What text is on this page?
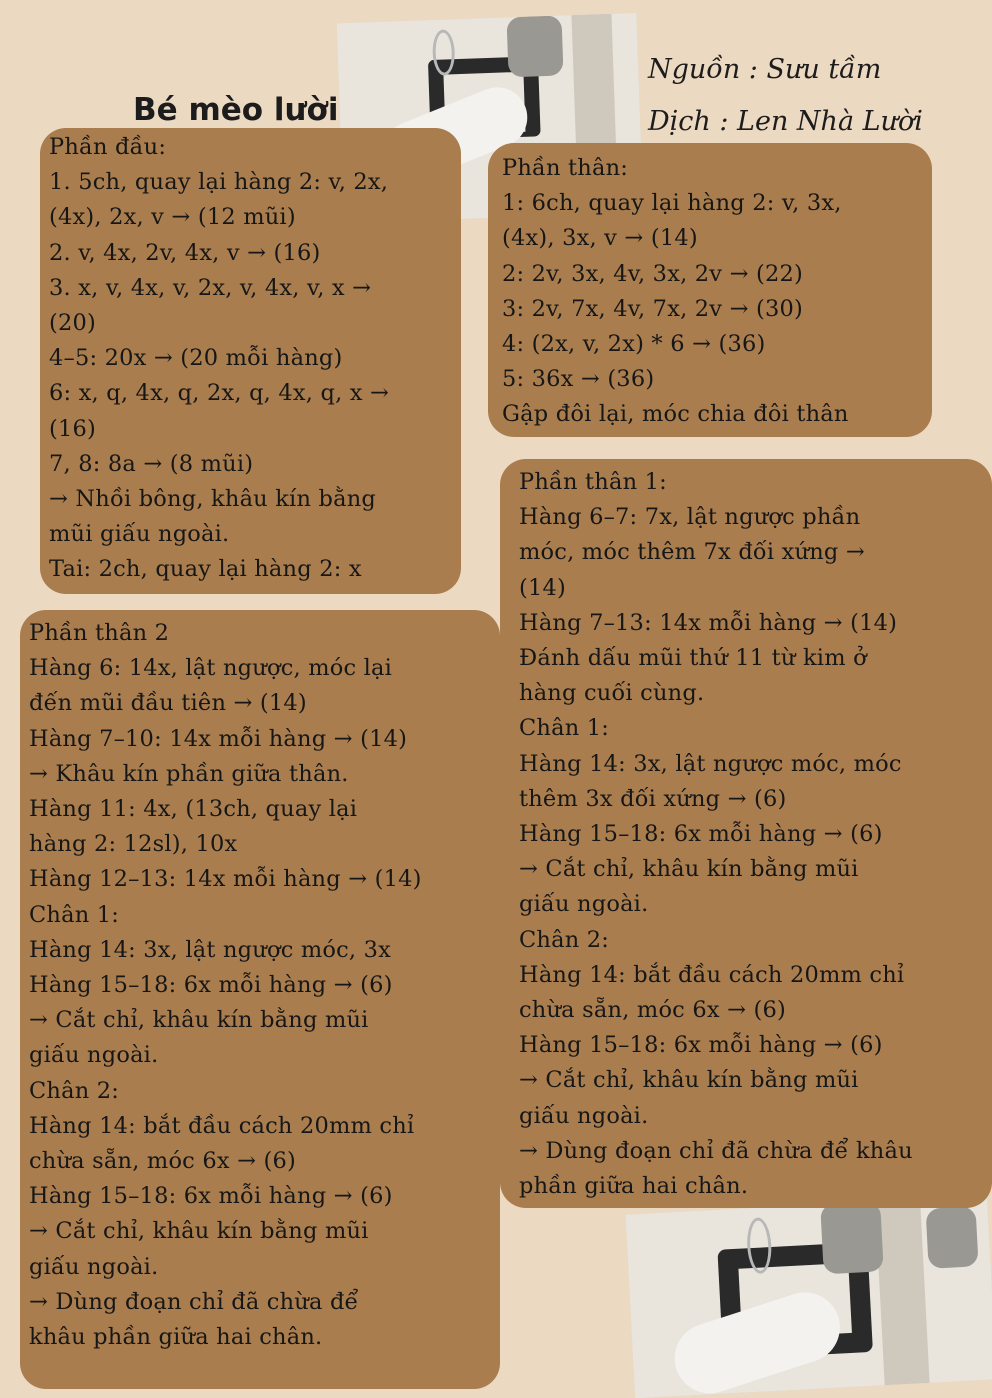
Bé mèo lười
Nguồn : Sưu tầm
Dịch : Len Nhà Lười
Phần đầu:
1. 5ch, quay lại hàng 2: v, 2x,
(4x), 2x, v → (12 mũi)
2. v, 4x, 2v, 4x, v → (16)
3. x, v, 4x, v, 2x, v, 4x, v, x →
(20)
4–5: 20x → (20 mỗi hàng)
6: x, q, 4x, q, 2x, q, 4x, q, x →
(16)
7, 8: 8a → (8 mũi)
→ Nhồi bông, khâu kín bằng
mũi giấu ngoài.
Tai: 2ch, quay lại hàng 2: x
Phần thân:
1: 6ch, quay lại hàng 2: v, 3x,
(4x), 3x, v → (14)
2: 2v, 3x, 4v, 3x, 2v → (22)
3: 2v, 7x, 4v, 7x, 2v → (30)
4: (2x, v, 2x) * 6 → (36)
5: 36x → (36)
Gập đôi lại, móc chia đôi thân
Phần thân 1:
Hàng 6–7: 7x, lật ngược phần
móc, móc thêm 7x đối xứng →
(14)
Hàng 7–13: 14x mỗi hàng → (14)
Đánh dấu mũi thứ 11 từ kim ở
hàng cuối cùng.
Chân 1:
Hàng 14: 3x, lật ngược móc, móc
thêm 3x đối xứng → (6)
Hàng 15–18: 6x mỗi hàng → (6)
→ Cắt chỉ, khâu kín bằng mũi
giấu ngoài.
Chân 2:
Hàng 14: bắt đầu cách 20mm chỉ
chừa sẵn, móc 6x → (6)
Hàng 15–18: 6x mỗi hàng → (6)
→ Cắt chỉ, khâu kín bằng mũi
giấu ngoài.
→ Dùng đoạn chỉ đã chừa để khâu
phần giữa hai chân.
Phần thân 2
Hàng 6: 14x, lật ngược, móc lại
đến mũi đầu tiên → (14)
Hàng 7–10: 14x mỗi hàng → (14)
→ Khâu kín phần giữa thân.
Hàng 11: 4x, (13ch, quay lại
hàng 2: 12sl), 10x
Hàng 12–13: 14x mỗi hàng → (14)
Chân 1:
Hàng 14: 3x, lật ngược móc, 3x
Hàng 15–18: 6x mỗi hàng → (6)
→ Cắt chỉ, khâu kín bằng mũi
giấu ngoài.
Chân 2:
Hàng 14: bắt đầu cách 20mm chỉ
chừa sẵn, móc 6x → (6)
Hàng 15–18: 6x mỗi hàng → (6)
→ Cắt chỉ, khâu kín bằng mũi
giấu ngoài.
→ Dùng đoạn chỉ đã chừa để
khâu phần giữa hai chân.
